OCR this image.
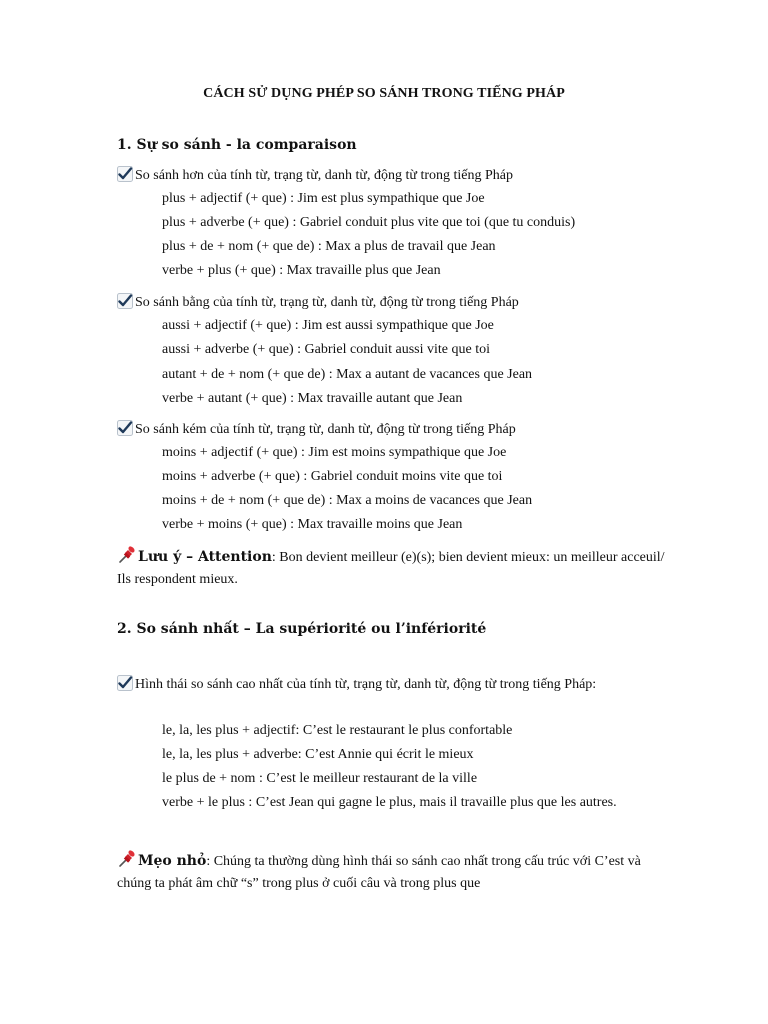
CÁCH SỬ DỤNG PHÉP SO SÁNH TRONG TIẾNG PHÁP
1. Sự so sánh - la comparaison
So sánh hơn của tính từ, trạng từ, danh từ, động từ trong tiếng Pháp
plus + adjectif (+ que) : Jim est plus sympathique que Joe
plus + adverbe (+ que) : Gabriel conduit plus vite que toi (que tu conduis)
plus + de + nom (+ que de) : Max a plus de travail que Jean
verbe + plus (+ que) : Max travaille plus que Jean
So sánh bằng của tính từ, trạng từ, danh từ, động từ trong tiếng Pháp
aussi + adjectif (+ que) : Jim est aussi sympathique que Joe
aussi + adverbe (+ que) : Gabriel conduit aussi vite que toi
autant + de + nom (+ que de) : Max a autant de vacances que Jean
verbe + autant (+ que) : Max travaille autant que Jean
So sánh kém của tính từ, trạng từ, danh từ, động từ trong tiếng Pháp
moins + adjectif (+ que) : Jim est moins sympathique que Joe
moins + adverbe (+ que) : Gabriel conduit moins vite que toi
moins + de + nom (+ que de) : Max a moins de vacances que Jean
verbe + moins (+ que) : Max travaille moins que Jean
Lưu ý – Attention: Bon devient meilleur (e)(s); bien devient mieux: un meilleur acceuil/
Ils respondent mieux.
2. So sánh nhất – La supériorité ou l’infériorité
Hình thái so sánh cao nhất của tính từ, trạng từ, danh từ, động từ trong tiếng Pháp:
le, la, les plus + adjectif: C’est le restaurant le plus confortable
le, la, les plus + adverbe: C’est Annie qui écrit le mieux
le plus de + nom : C’est le meilleur restaurant de la ville
verbe + le plus : C’est Jean qui gagne le plus, mais il travaille plus que les autres.
Mẹo nhỏ: Chúng ta thường dùng hình thái so sánh cao nhất trong cấu trúc với C’est và
chúng ta phát âm chữ “s” trong plus ở cuối câu và trong plus que
